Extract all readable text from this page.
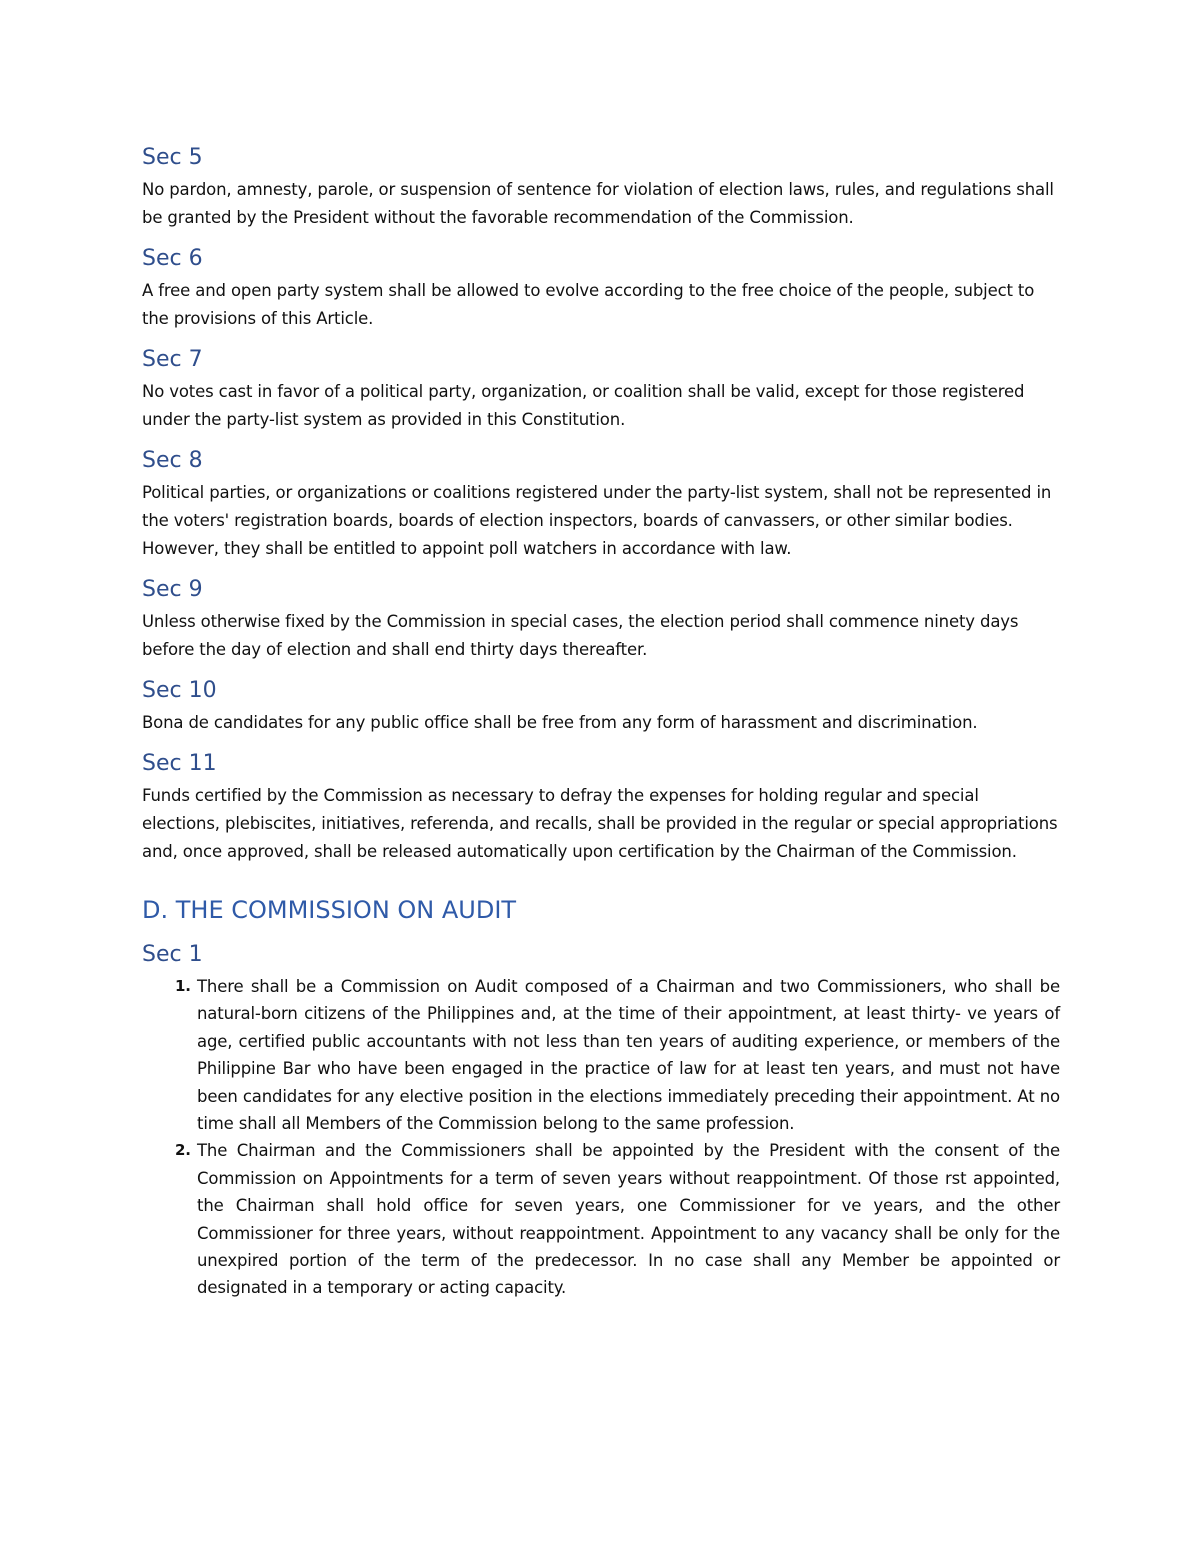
Sec 5

No pardon, amnesty, parole, or suspension of sentence for violation of election laws, rules, and regulations shall be granted by the President without the favorable recommendation of the Commission.

Sec 6

A free and open party system shall be allowed to evolve according to the free choice of the people, subject to the provisions of this Article.

Sec 7

No votes cast in favor of a political party, organization, or coalition shall be valid, except for those registered under the party-list system as provided in this Constitution.

Sec 8

Political parties, or organizations or coalitions registered under the party-list system, shall not be represented in the voters' registration boards, boards of election inspectors, boards of canvassers, or other similar bodies. However, they shall be entitled to appoint poll watchers in accordance with law.

Sec 9

Unless otherwise fixed by the Commission in special cases, the election period shall commence ninety days before the day of election and shall end thirty days thereafter.

Sec 10

Bona de candidates for any public office shall be free from any form of harassment and discrimination.

Sec 11

Funds certified by the Commission as necessary to defray the expenses for holding regular and special elections, plebiscites, initiatives, referenda, and recalls, shall be provided in the regular or special appropriations and, once approved, shall be released automatically upon certification by the Chairman of the Commission.

D. THE COMMISSION ON AUDIT
Sec 1
1. There shall be a Commission on Audit composed of a Chairman and two Commissioners, who shall be natural-born citizens of the Philippines and, at the time of their appointment, at least thirty- ve years of age, certified public accountants with not less than ten years of auditing experience, or members of the Philippine Bar who have been engaged in the practice of law for at least ten years, and must not have been candidates for any elective position in the elections immediately preceding their appointment. At no time shall all Members of the Commission belong to the same profession.
2. The Chairman and the Commissioners shall be appointed by the President with the consent of the Commission on Appointments for a term of seven years without reappointment. Of those rst appointed, the Chairman shall hold office for seven years, one Commissioner for ve years, and the other Commissioner for three years, without reappointment. Appointment to any vacancy shall be only for the unexpired portion of the term of the predecessor. In no case shall any Member be appointed or designated in a temporary or acting capacity.
